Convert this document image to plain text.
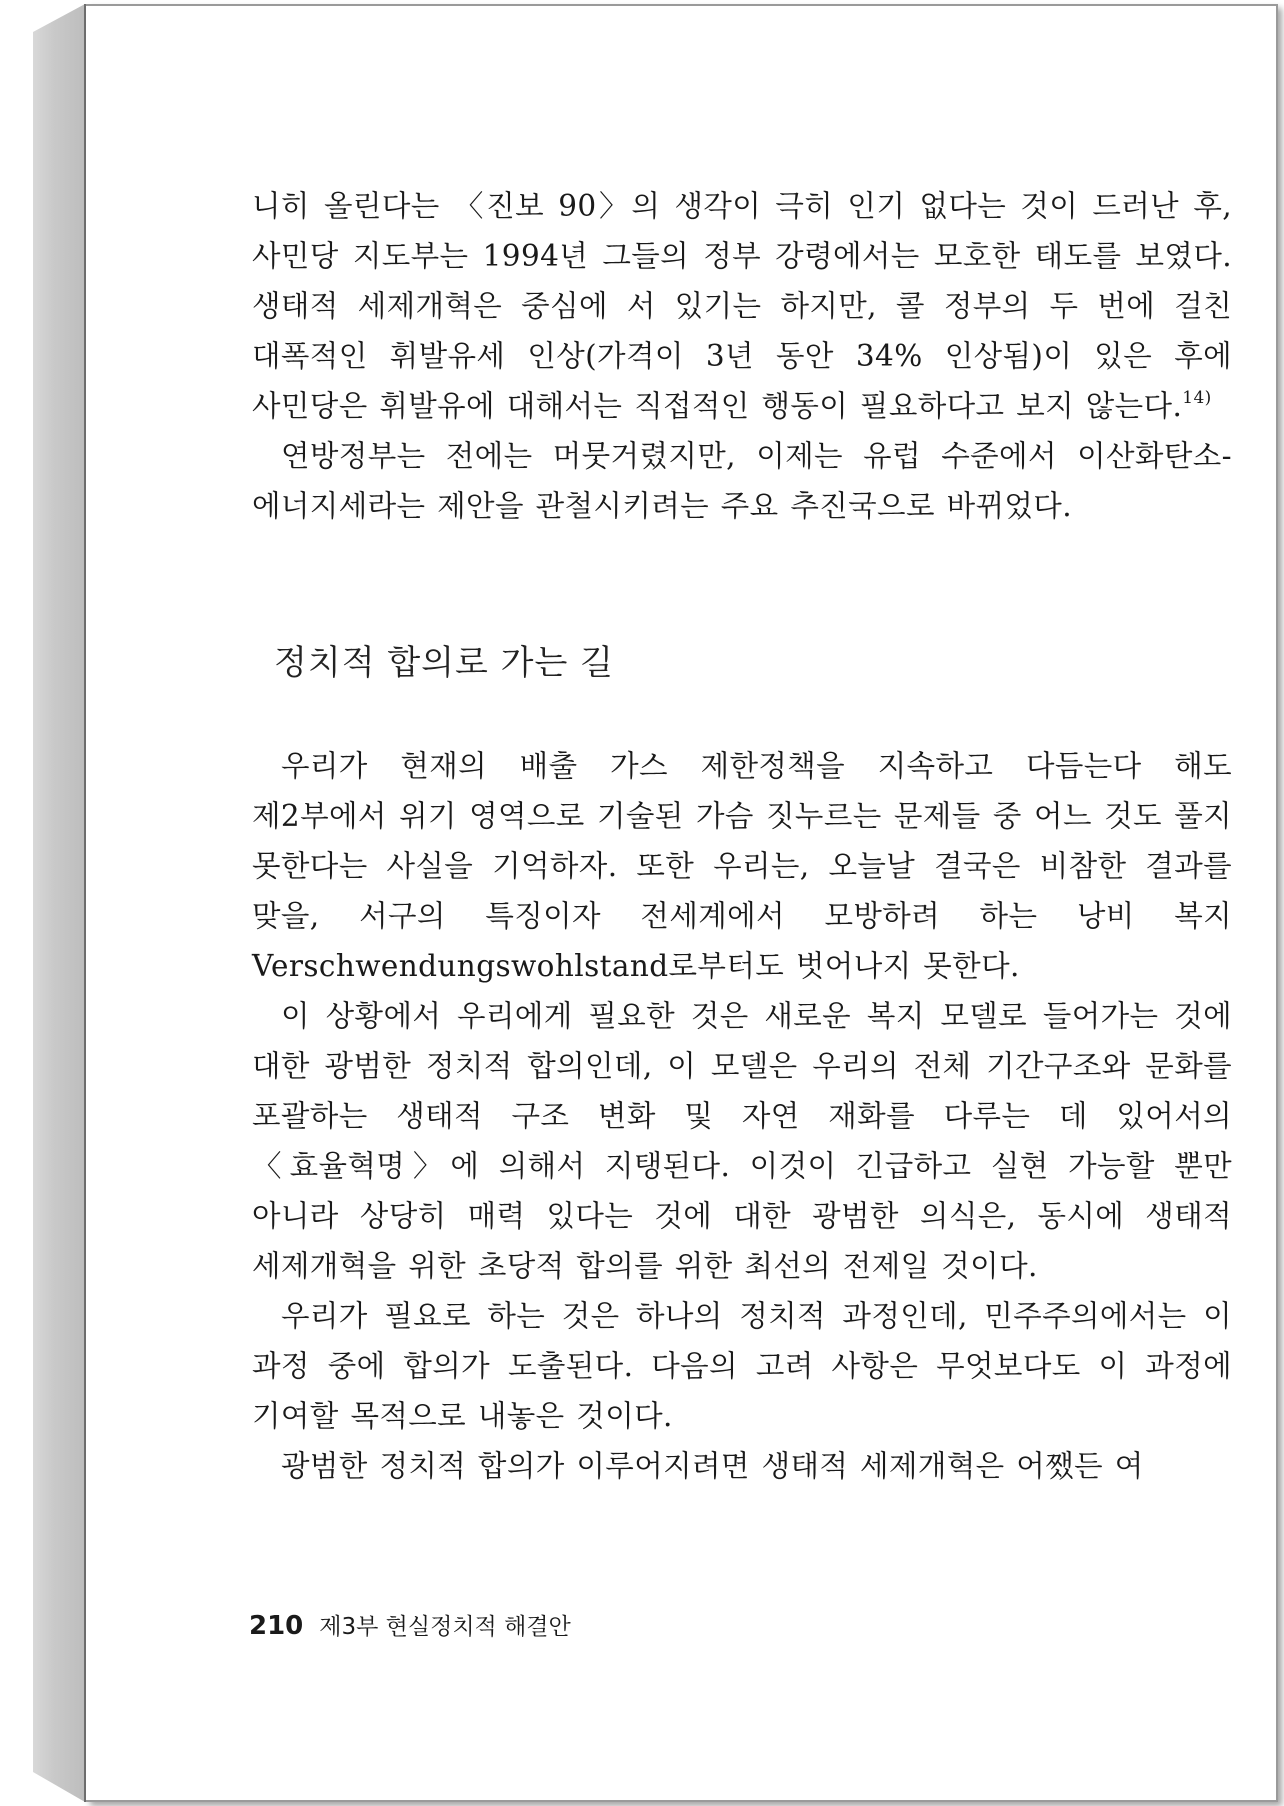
니히 올린다는 〈진보 90〉의 생각이 극히 인기 없다는 것이 드러난 후, 사민당 지도부는 1994년 그들의 정부 강령에서는 모호한 태도를 보였다. 생태적 세제개혁은 중심에 서 있기는 하지만, 콜 정부의 두 번에 걸친 대폭적인 휘발유세 인상(가격이 3년 동안 34% 인상됨)이 있은 후에 사민당은 휘발유에 대해서는 직접적인 행동이 필요하다고 보지 않는다.$^{14)}$

연방정부는 전에는 머뭇거렸지만, 이제는 유럽 수준에서 이산화탄소-에너지세라는 제안을 관철시키려는 주요 추진국으로 바뀌었다.

정치적 합의로 가는 길

우리가 현재의 배출 가스 제한정책을 지속하고 다듬는다 해도 제2부에서 위기 영역으로 기술된 가슴 짓누르는 문제들 중 어느 것도 풀지 못한다는 사실을 기억하자. 또한 우리는, 오늘날 결국은 비참한 결과를 맞을, 서구의 특징이자 전세계에서 모방하려 하는 낭비 복지 Verschwendungswohlstand로부터도 벗어나지 못한다.

이 상황에서 우리에게 필요한 것은 새로운 복지 모델로 들어가는 것에 대한 광범한 정치적 합의인데, 이 모델은 우리의 전체 기간구조와 문화를 포괄하는 생태적 구조 변화 및 자연 재화를 다루는 데 있어서의 〈효율혁명〉에 의해서 지탱된다. 이것이 긴급하고 실현 가능할 뿐만 아니라 상당히 매력 있다는 것에 대한 광범한 의식은, 동시에 생태적 세제개혁을 위한 초당적 합의를 위한 최선의 전제일 것이다.

우리가 필요로 하는 것은 하나의 정치적 과정인데, 민주주의에서는 이 과정 중에 합의가 도출된다. 다음의 고려 사항은 무엇보다도 이 과정에 기여할 목적으로 내놓은 것이다.

광범한 정치적 합의가 이루어지려면 생태적 세제개혁은 어쨌든 여

210 제3부 현실정치적 해결안
